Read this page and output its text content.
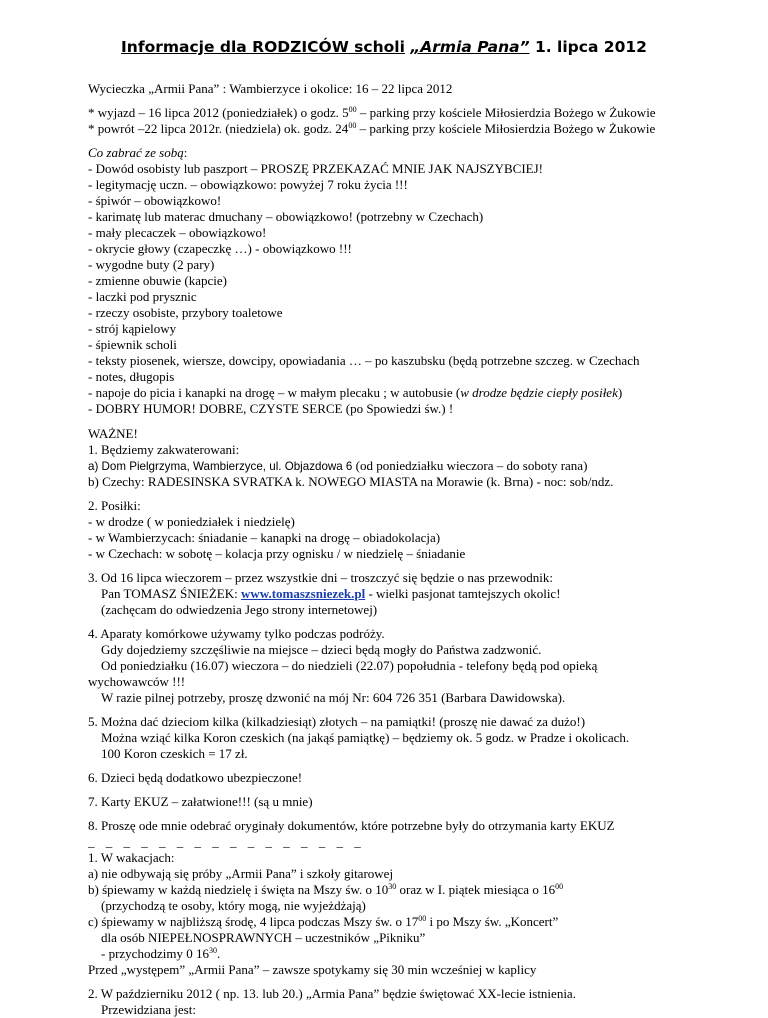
Informacje dla RODZICÓW scholi „Armia Pana” 1. lipca 2012
Wycieczka „Armii Pana” : Wambierzyce i okolice: 16 – 22 lipca 2012
* wyjazd – 16 lipca 2012 (poniedziałek) o godz. $5^{00}$ – parking przy kościele Miłosierdzia Bożego w Żukowie
* powrót –22 lipca 2012r. (niedziela) ok. godz. $24^{00}$ – parking przy kościele Miłosierdzia Bożego w Żukowie
Co zabrać ze sobą:
- Dowód osobisty lub paszport – PROSZĘ PRZEKAZAĆ MNIE JAK NAJSZYBCIEJ!
- legitymację uczn. – obowiązkowo: powyżej 7 roku życia !!!
- śpiwór – obowiązkowo!
- karimatę lub materac dmuchany – obowiązkowo! (potrzebny w Czechach)
- mały plecaczek – obowiązkowo!
- okrycie głowy (czapeczkę …) - obowiązkowo !!!
- wygodne buty (2 pary)
- zmienne obuwie (kapcie)
- laczki pod prysznic
- rzeczy osobiste, przybory toaletowe
- strój kąpielowy
- śpiewnik scholi
- teksty piosenek, wiersze, dowcipy, opowiadania … – po kaszubsku (będą potrzebne szczeg. w Czechach
- notes, długopis
- napoje do picia i kanapki na drogę – w małym plecaku ; w autobusie (w drodze będzie ciepły posiłek)
- DOBRY HUMOR! DOBRE, CZYSTE SERCE (po Spowiedzi św.) !
WAŻNE!
1. Będziemy zakwaterowani:
a) Dom Pielgrzyma, Wambierzyce, ul. Objazdowa 6 (od poniedziałku wieczora – do soboty rana)
b) Czechy: RADESINSKA SVRATKA k. NOWEGO MIASTA na Morawie (k. Brna) - noc: sob/ndz.
2. Posiłki:
- w drodze ( w poniedziałek i niedzielę)
- w Wambierzycach: śniadanie – kanapki na drogę – obiadokolacja)
- w Czechach: w sobotę – kolacja przy ognisku / w niedzielę – śniadanie
3. Od 16 lipca wieczorem – przez wszystkie dni – troszczyć się będzie o nas przewodnik:
Pan TOMASZ ŚNIEŻEK: www.tomaszsniezek.pl - wielki pasjonat tamtejszych okolic!
(zachęcam do odwiedzenia Jego strony internetowej)
4. Aparaty komórkowe używamy tylko podczas podróży.
Gdy dojedziemy szczęśliwie na miejsce – dzieci będą mogły do Państwa zadzwonić.
Od poniedziałku (16.07) wieczora – do niedzieli (22.07) popołudnia - telefony będą pod opieką
wychowawców !!!
W razie pilnej potrzeby, proszę dzwonić na mój Nr: 604 726 351 (Barbara Dawidowska).
5. Można dać dzieciom kilka (kilkadziesiąt) złotych – na pamiątki! (proszę nie dawać za dużo!)
Można wziąć kilka Koron czeskich (na jakąś pamiątkę) – będziemy ok. 5 godz. w Pradze i okolicach.
100 Koron czeskich = 17 zł.
6. Dzieci będą dodatkowo ubezpieczone!
7. Karty EKUZ – załatwione!!! (są u mnie)
8. Proszę ode mnie odebrać oryginały dokumentów, które potrzebne były do otrzymania karty EKUZ
_ _ _ _ _ _ _ _ _ _ _ _ _ _ _ _
1. W wakacjach:
a) nie odbywają się próby „Armii Pana” i szkoły gitarowej
b) śpiewamy w każdą niedzielę i święta na Mszy św. o $10^{30}$ oraz w I. piątek miesiąca o $16^{00}$
(przychodzą te osoby, który mogą, nie wyjeżdżają)
c) śpiewamy w najbliższą środę, 4 lipca podczas Mszy św. o $17^{00}$ i po Mszy św. „Koncert”
dla osób NIEPEŁNOSPRAWNYCH – uczestników „Pikniku”
- przychodzimy 0 $16^{30}$.
Przed „występem” „Armii Pana” – zawsze spotykamy się 30 min wcześniej w kaplicy
2. W październiku 2012 ( np. 13. lub 20.) „Armia Pana” będzie świętować XX-lecie istnienia.
Przewidziana jest:
